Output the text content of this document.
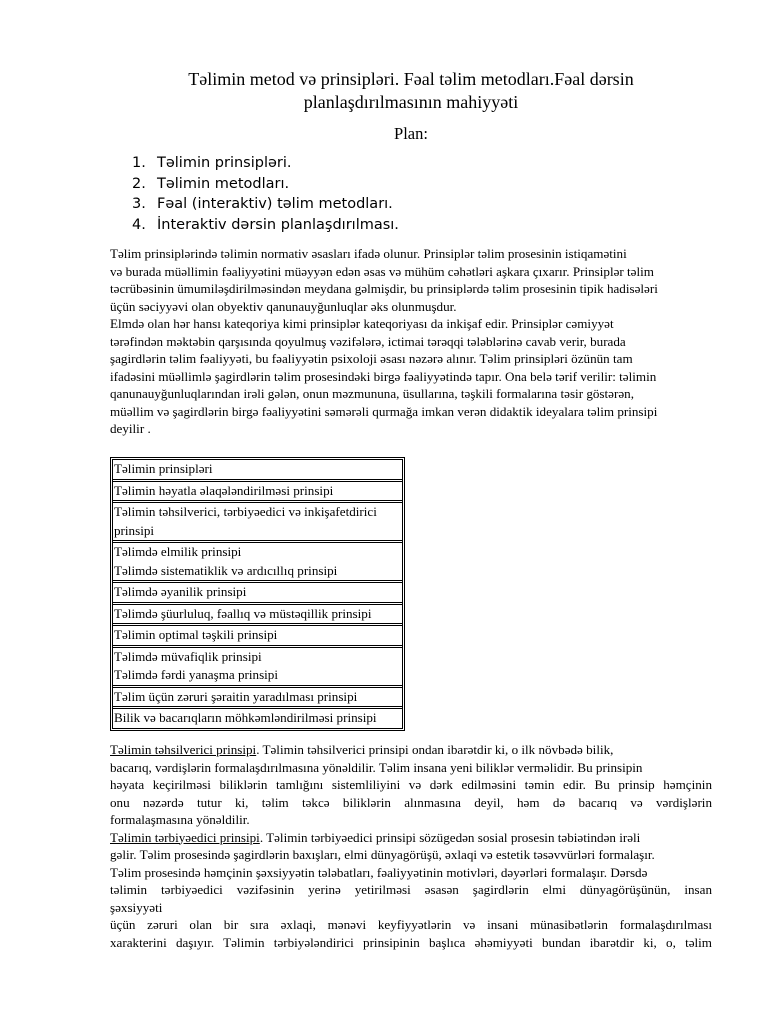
Təlimin metod və prinsipləri. Fəal təlim metodları.Fəal dərsin
planlaşdırılmasının mahiyyəti
Plan:
1. Təlimin prinsipləri.
2. Təlimin metodları.
3. Fəal (interaktiv) təlim metodları.
4. İnteraktiv dərsin planlaşdırılması.
Təlim prinsiplərində təlimin normativ əsasları ifadə olunur. Prinsiplər təlim prosesinin istiqamətini
və burada müəllimin fəaliyyətini müəyyən edən əsas və mühüm cəhətləri aşkara çıxarır. Prinsiplər təlim
təcrübəsinin ümumiləşdirilməsindən meydana gəlmişdir, bu prinsiplərdə təlim prosesinin tipik hadisələri
üçün səciyyəvi olan obyektiv qanunauyğunluqlar əks olunmuşdur.
Elmdə olan hər hansı kateqoriya kimi prinsiplər kateqoriyası da inkişaf edir. Prinsiplər cəmiyyət
tərəfindən məktəbin qarşısında qoyulmuş vəzifələrə, ictimai tərəqqi tələblərinə cavab verir, burada
şagirdlərin təlim fəaliyyəti, bu fəaliyyətin psixoloji əsası nəzərə alınır. Təlim prinsipləri özünün tam
ifadəsini müəllimlə şagirdlərin təlim prosesindəki birgə fəaliyyətində tapır. Ona belə tərif verilir: təlimin
qanunauyğunluqlarından irəli gələn, onun məzmununa, üsullarına, təşkili formalarına təsir göstərən,
müəllim və şagirdlərin birgə fəaliyyətini səmərəli qurmağa imkan verən didaktik ideyalara təlim prinsipi
deyilir .
Təlimin prinsipləri

Təlimin həyatla əlaqələndirilməsi prinsipi

Təlimin təhsilverici, tərbiyəedici və inkişafetdirici
prinsipi

Təlimdə elmilik prinsipi
Təlimdə sistematiklik və ardıcıllıq prinsipi

Təlimdə əyanilik prinsipi

Təlimdə şüurluluq, fəallıq və müstəqillik prinsipi

Təlimin optimal təşkili prinsipi

Təlimdə müvafiqlik prinsipi
Təlimdə fərdi yanaşma prinsipi

Təlim üçün zəruri şəraitin yaradılması prinsipi

Bilik və bacarıqların möhkəmləndirilməsi prinsipi
Təlimin təhsilverici prinsipi. Təlimin təhsilverici prinsipi ondan ibarətdir ki, o ilk növbədə bilik,
bacarıq, vərdişlərin formalaşdırılmasına yönəldilir. Təlim insana yeni biliklər verməlidir. Bu prinsipin
həyata keçirilməsi biliklərin tamlığını sistemliliyini və dərk edilməsini təmin edir. Bu prinsip həmçinin
onu nəzərdə tutur ki, təlim təkcə biliklərin alınmasına deyil, həm də bacarıq və vərdişlərin
formalaşmasına yönəldilir.
Təlimin tərbiyəedici prinsipi. Təlimin tərbiyəedici prinsipi sözügedən sosial prosesin təbiətindən irəli
gəlir. Təlim prosesində şagirdlərin baxışları, elmi dünyagörüşü, əxlaqi və estetik təsəvvürləri formalaşır.
Təlim prosesində həmçinin şəxsiyyətin tələbatları, fəaliyyətinin motivləri, dəyərləri formalaşır. Dərsdə
təlimin tərbiyəedici vəzifəsinin yerinə yetirilməsi əsasən şagirdlərin elmi dünyagörüşünün, insan
şəxsiyyəti
üçün zəruri olan bir sıra əxlaqi, mənəvi keyfiyyətlərin və insani münasibətlərin formalaşdırılması
xarakterini daşıyır. Təlimin tərbiyələndirici prinsipinin başlıca əhəmiyyəti bundan ibarətdir ki, o, təlim
